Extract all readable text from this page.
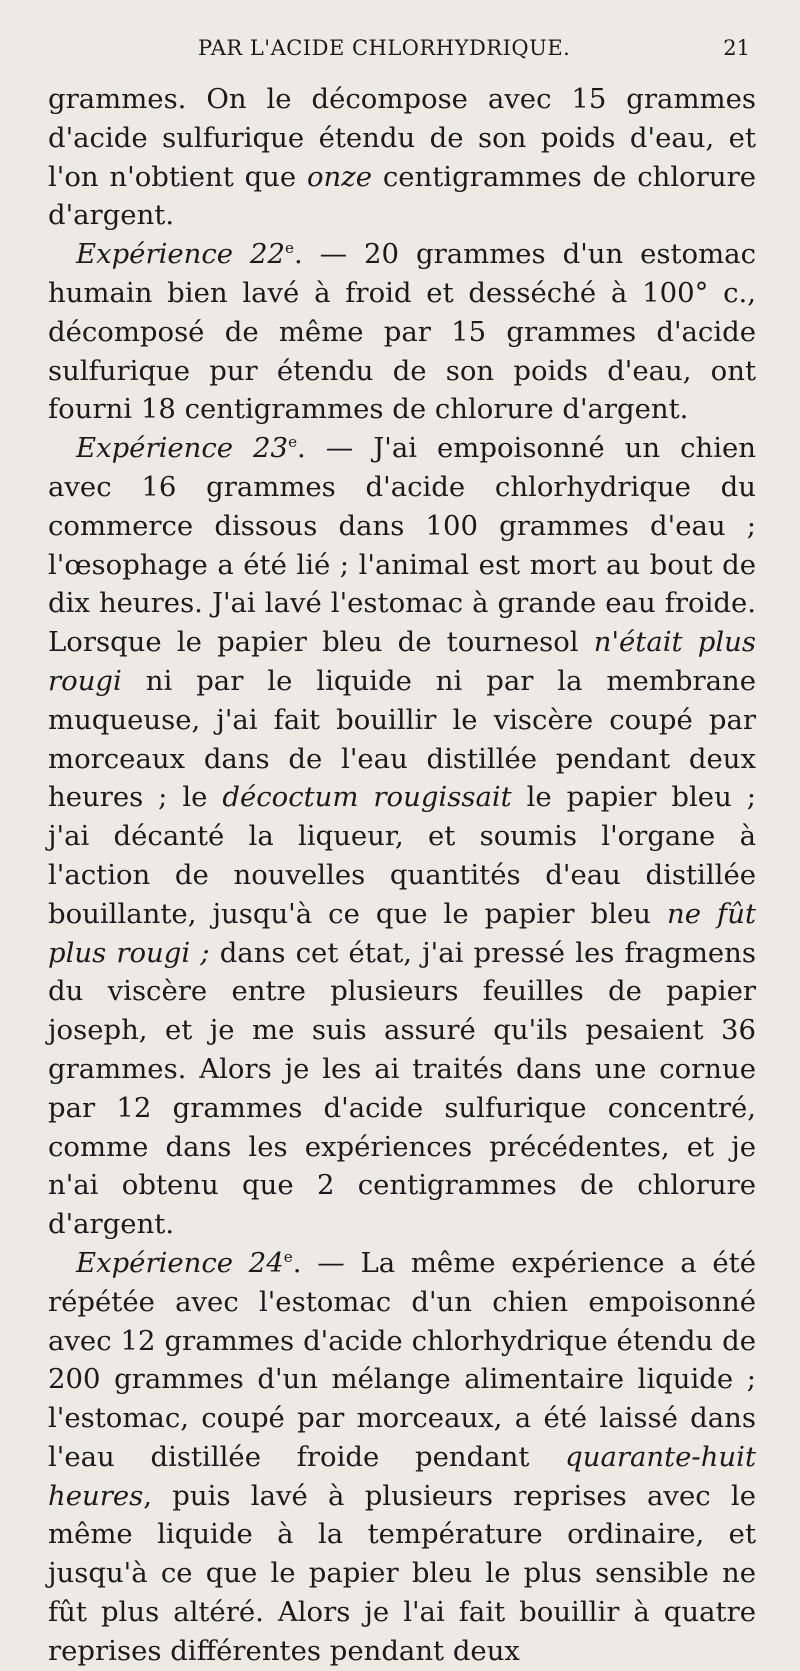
PAR L'ACIDE CHLORHYDRIQUE.	21

grammes. On le décompose avec 15 grammes d'acide sulfurique étendu de son poids d'eau, et l'on n'obtient que onze centigrammes de chlorure d'argent.

Expérience 22e. — 20 grammes d'un estomac humain bien lavé à froid et desséché à 100° c., décomposé de même par 15 grammes d'acide sulfurique pur étendu de son poids d'eau, ont fourni 18 centigrammes de chlorure d'argent.

Expérience 23e. — J'ai empoisonné un chien avec 16 grammes d'acide chlorhydrique du commerce dissous dans 100 grammes d'eau ; l'œsophage a été lié ; l'animal est mort au bout de dix heures. J'ai lavé l'estomac à grande eau froide. Lorsque le papier bleu de tournesol n'était plus rougi ni par le liquide ni par la membrane muqueuse, j'ai fait bouillir le viscère coupé par morceaux dans de l'eau distillée pendant deux heures ; le décoctum rougissait le papier bleu ; j'ai décanté la liqueur, et soumis l'organe à l'action de nouvelles quantités d'eau distillée bouillante, jusqu'à ce que le papier bleu ne fût plus rougi ; dans cet état, j'ai pressé les fragmens du viscère entre plusieurs feuilles de papier joseph, et je me suis assuré qu'ils pesaient 36 grammes. Alors je les ai traités dans une cornue par 12 grammes d'acide sulfurique concentré, comme dans les expériences précédentes, et je n'ai obtenu que 2 centigrammes de chlorure d'argent.

Expérience 24e. — La même expérience a été répétée avec l'estomac d'un chien empoisonné avec 12 grammes d'acide chlorhydrique étendu de 200 grammes d'un mélange alimentaire liquide ; l'estomac, coupé par morceaux, a été laissé dans l'eau distillée froide pendant quarante-huit heures, puis lavé à plusieurs reprises avec le même liquide à la température ordinaire, et jusqu'à ce que le papier bleu le plus sensible ne fût plus altéré. Alors je l'ai fait bouillir à quatre reprises différentes pendant deux
